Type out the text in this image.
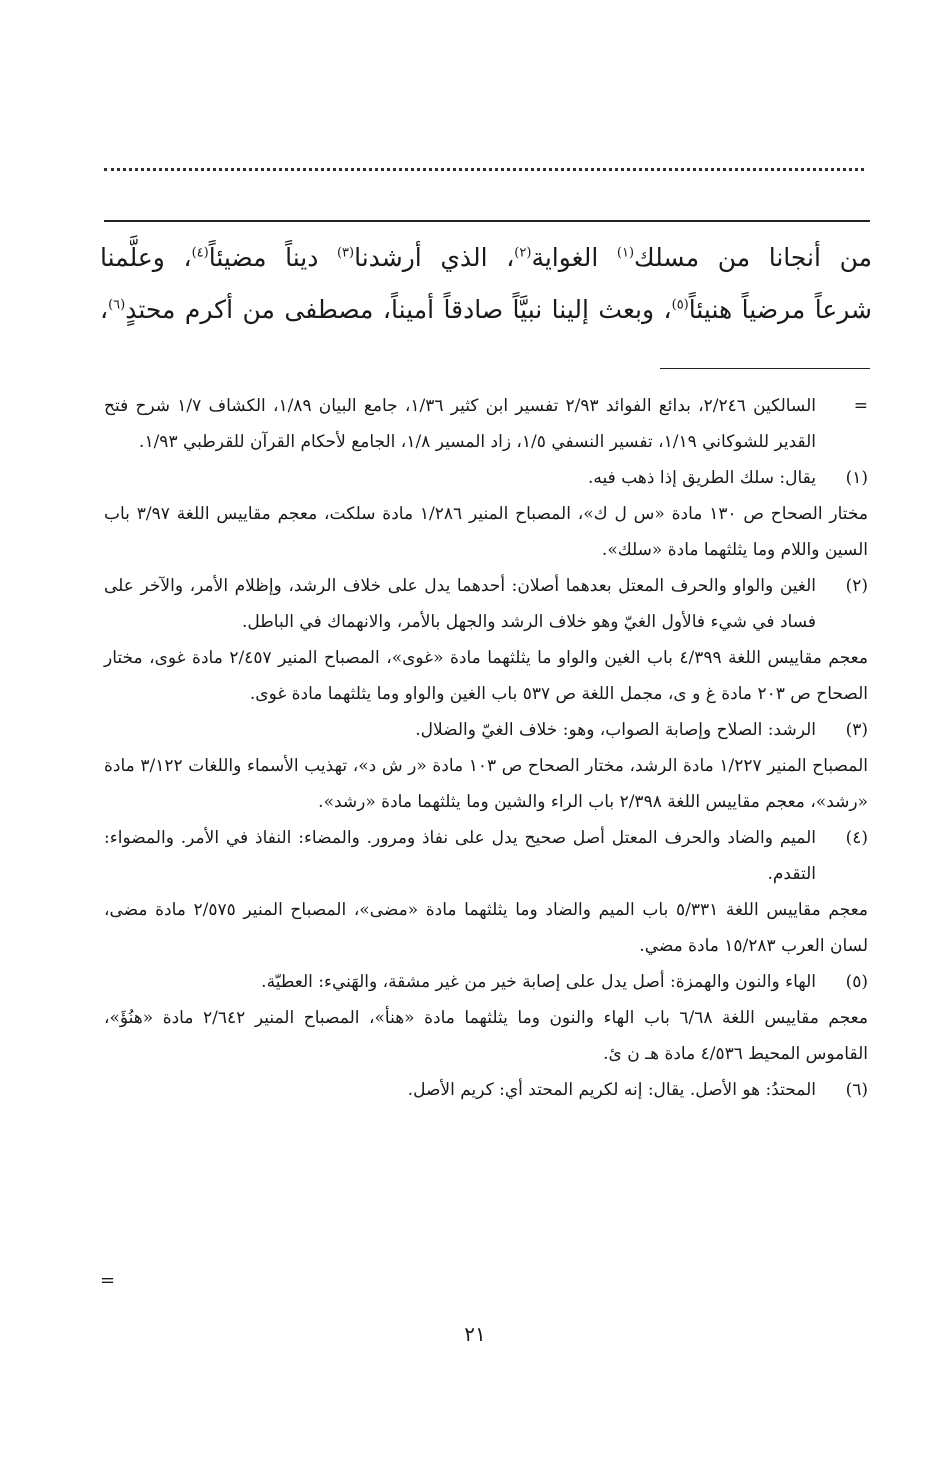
من أنجانا من مسلك$^{(١)}$ الغواية$^{(٢)}$، الذي أرشدنا$^{(٣)}$ ديناً مضيئاً$^{(٤)}$، وعلَّمنا

شرعاً مرضياً هنيئاً$^{(٥)}$، وبعث إلينا نبيَّاً صادقاً أميناً، مصطفى من أكرم محتدٍ$^{(٦)}$،

=
السالكين ٢/٢٤٦، بدائع الفوائد ٢/٩٣ تفسير ابن كثير ١/٣٦، جامع البيان ١/٨٩، الكشاف ١/٧ شرح فتح القدير للشوكاني ١/١٩، تفسير النسفي ١/٥، زاد المسير ١/٨، الجامع لأحكام القرآن للقرطبي ١/٩٣.
(١)
يقال: سلك الطريق إذا ذهب فيه.
مختار الصحاح ص ١٣٠ مادة «س ل ك»، المصباح المنير ١/٢٨٦ مادة سلكت، معجم مقاييس اللغة ٣/٩٧ باب السين واللام وما يثلثهما مادة «سلك».
(٢)
الغين والواو والحرف المعتل بعدهما أصلان: أحدهما يدل على خلاف الرشد، وإظلام الأمر، والآخر على فساد في شيء فالأول الغيّ وهو خلاف الرشد والجهل بالأمر، والانهماك في الباطل.
معجم مقاييس اللغة ٤/٣٩٩ باب الغين والواو ما يثلثهما مادة «غوى»، المصباح المنير ٢/٤٥٧ مادة غوى، مختار الصحاح ص ٢٠٣ مادة غ و ى، مجمل اللغة ص ٥٣٧ باب الغين والواو وما يثلثهما مادة غوى.
(٣)
الرشد: الصلاح وإصابة الصواب، وهو: خلاف الغيّ والضلال.
المصباح المنير ١/٢٢٧ مادة الرشد، مختار الصحاح ص ١٠٣ مادة «ر ش د»، تهذيب الأسماء واللغات ٣/١٢٢ مادة «رشد»، معجم مقاييس اللغة ٢/٣٩٨ باب الراء والشين وما يثلثهما مادة «رشد».
(٤)
الميم والضاد والحرف المعتل أصل صحيح يدل على نفاذ ومرور. والمضاء: النفاذ في الأمر. والمضواء: التقدم.
معجم مقاييس اللغة ٥/٣٣١ باب الميم والضاد وما يثلثهما مادة «مضى»، المصباح المنير ٢/٥٧٥ مادة مضى، لسان العرب ١٥/٢٨٣ مادة مضي.
(٥)
الهاء والنون والهمزة: أصل يدل على إصابة خير من غير مشقة، والهَنيء: العطيّة.
معجم مقاييس اللغة ٦/٦٨ باب الهاء والنون وما يثلثهما مادة «هنأ»، المصباح المنير ٢/٦٤٢ مادة «هنُؤَ»، القاموس المحيط ٤/٥٣٦ مادة هـ ن ئ.
(٦)
المحتدُ: هو الأصل. يقال: إنه لكريم المحتد أي: كريم الأصل.
=
٢١
